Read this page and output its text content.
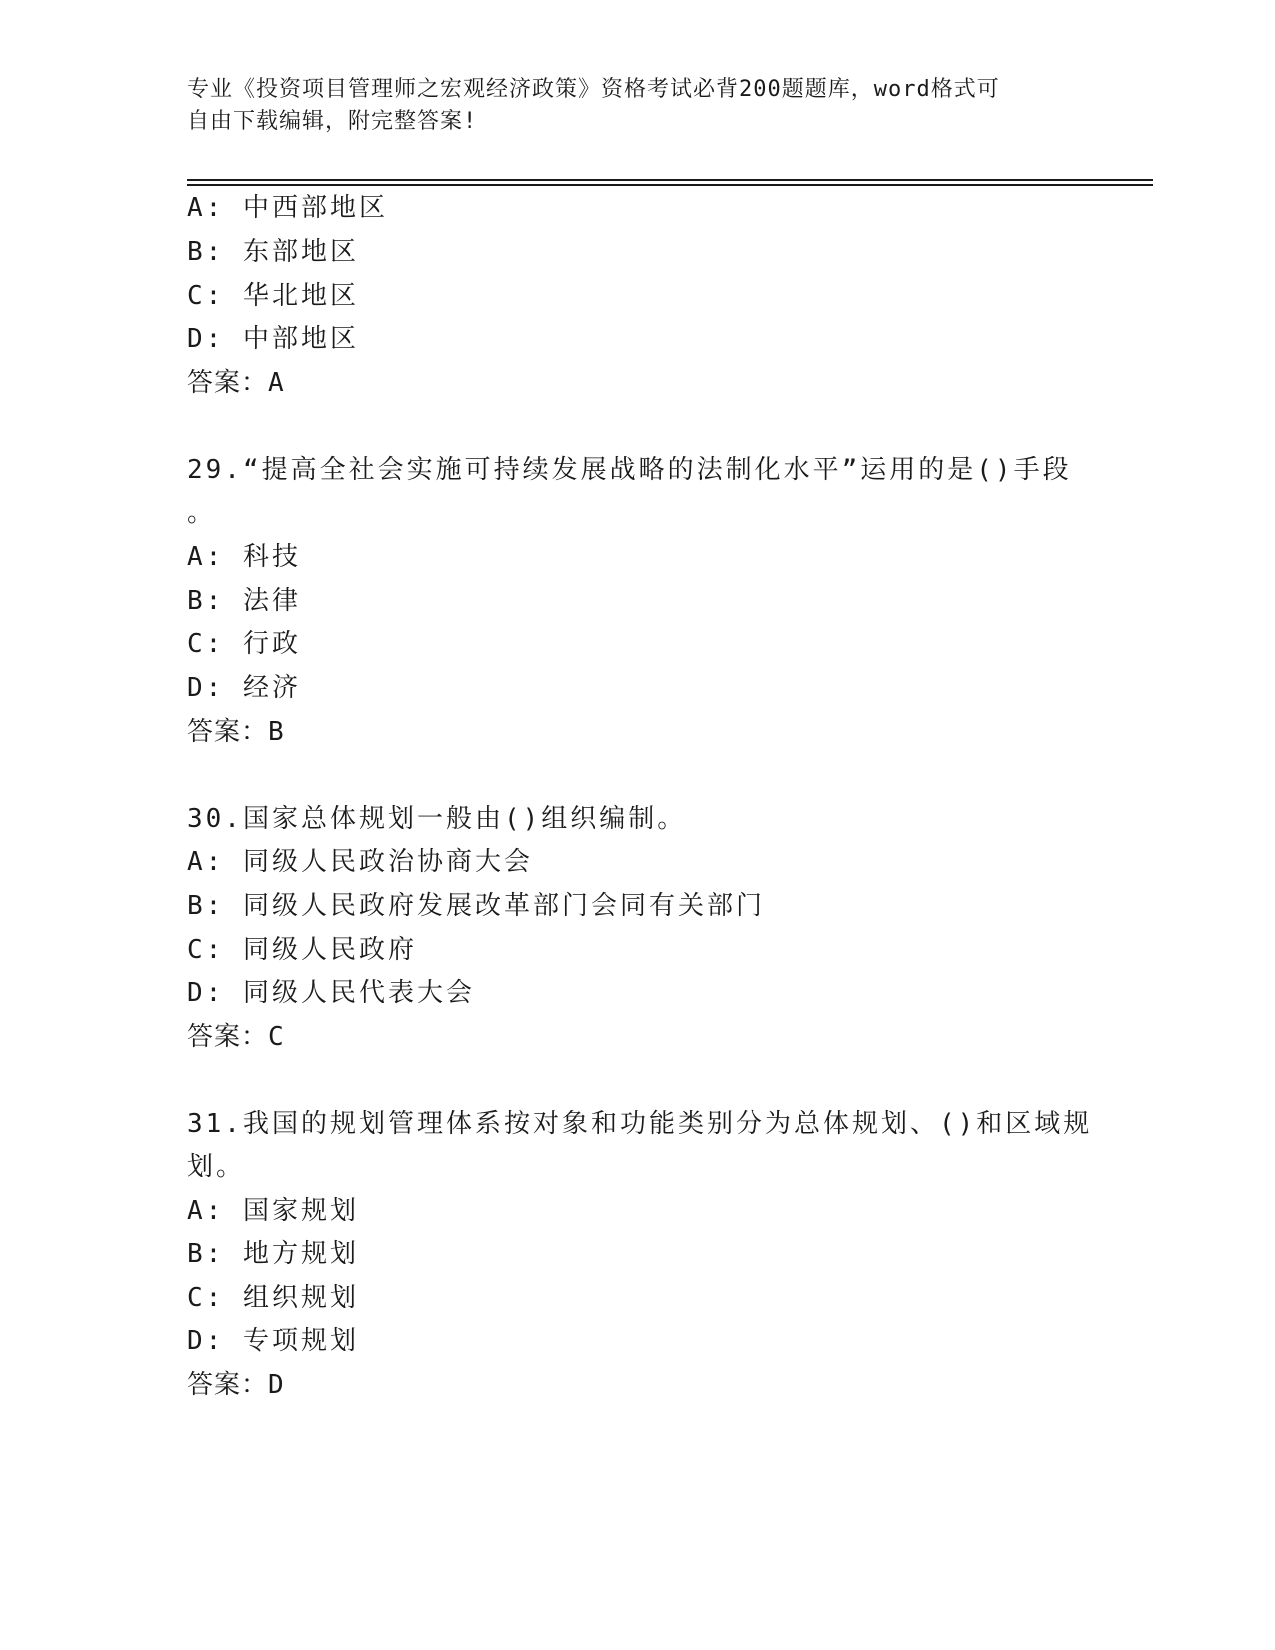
专业《投资项目管理师之宏观经济政策》资格考试必背200题题库，word格式可
自由下载编辑，附完整答案!
A: 中西部地区
B: 东部地区
C: 华北地区
D: 中部地区
答案：A
29.“提高全社会实施可持续发展战略的法制化水平”运用的是()手段
。
A: 科技
B: 法律
C: 行政
D: 经济
答案：B
30.国家总体规划一般由()组织编制。
A: 同级人民政治协商大会
B: 同级人民政府发展改革部门会同有关部门
C: 同级人民政府
D: 同级人民代表大会
答案：C
31.我国的规划管理体系按对象和功能类别分为总体规划、()和区域规
划。
A: 国家规划
B: 地方规划
C: 组织规划
D: 专项规划
答案：D
